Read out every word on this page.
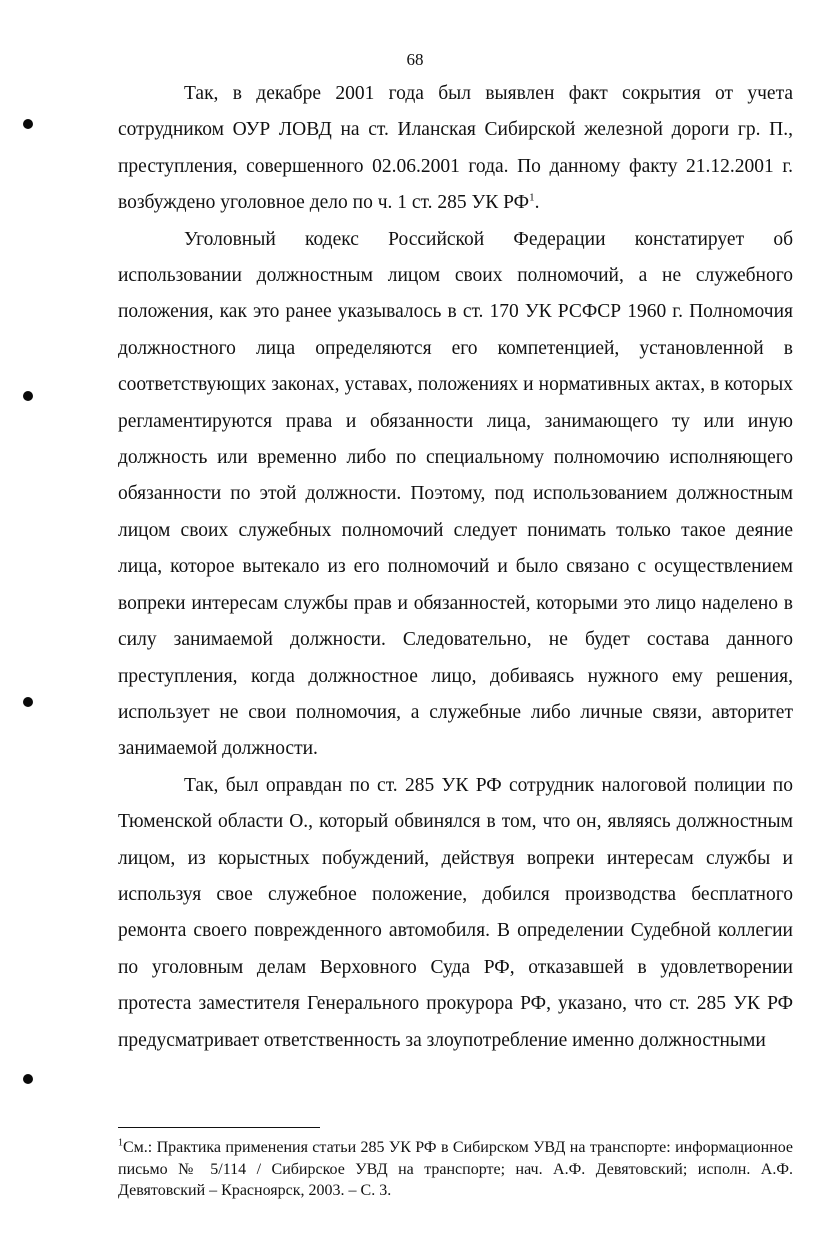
68

Так, в декабре 2001 года был выявлен факт сокрытия от учета сотрудником ОУР ЛОВД на ст. Иланская Сибирской железной дороги гр. П., преступления, совершенного 02.06.2001 года. По данному факту 21.12.2001 г. возбуждено уголовное дело по ч. 1 ст. 285 УК $РФ^1$.

Уголовный кодекс Российской Федерации констатирует об использовании должностным лицом своих полномочий, а не служебного положения, как это ранее указывалось в ст. 170 УК РСФСР 1960 г. Полномочия должностного лица определяются его компетенцией, установленной в соответствующих законах, уставах, положениях и нормативных актах, в которых регламентируются права и обязанности лица, занимающего ту или иную должность или временно либо по специальному полномочию исполняющего обязанности по этой должности. Поэтому, под использованием должностным лицом своих служебных полномочий следует понимать только такое деяние лица, которое вытекало из его полномочий и было связано с осуществлением вопреки интересам службы прав и обязанностей, которыми это лицо наделено в силу занимаемой должности. Следовательно, не будет состава данного преступления, когда должностное лицо, добиваясь нужного ему решения, использует не свои полномочия, а служебные либо личные связи, авторитет занимаемой должности.

Так, был оправдан по ст. 285 УК РФ сотрудник налоговой полиции по Тюменской области О., который обвинялся в том, что он, являясь должностным лицом, из корыстных побуждений, действуя вопреки интересам службы и используя свое служебное положение, добился производства бесплатного ремонта своего поврежденного автомобиля. В определении Судебной коллегии по уголовным делам Верховного Суда РФ, отказавшей в удовлетворении протеста заместителя Генерального прокурора РФ, указано, что ст. 285 УК РФ предусматривает ответственность за злоупотребление именно должностными

$^1$См.: Практика применения статьи 285 УК РФ в Сибирском УВД на транспорте: информационное письмо № 5/114 / Сибирское УВД на транспорте; нач. А.Ф. Девятовский; исполн. А.Ф. Девятовский – Красноярск, 2003. – С. 3.
